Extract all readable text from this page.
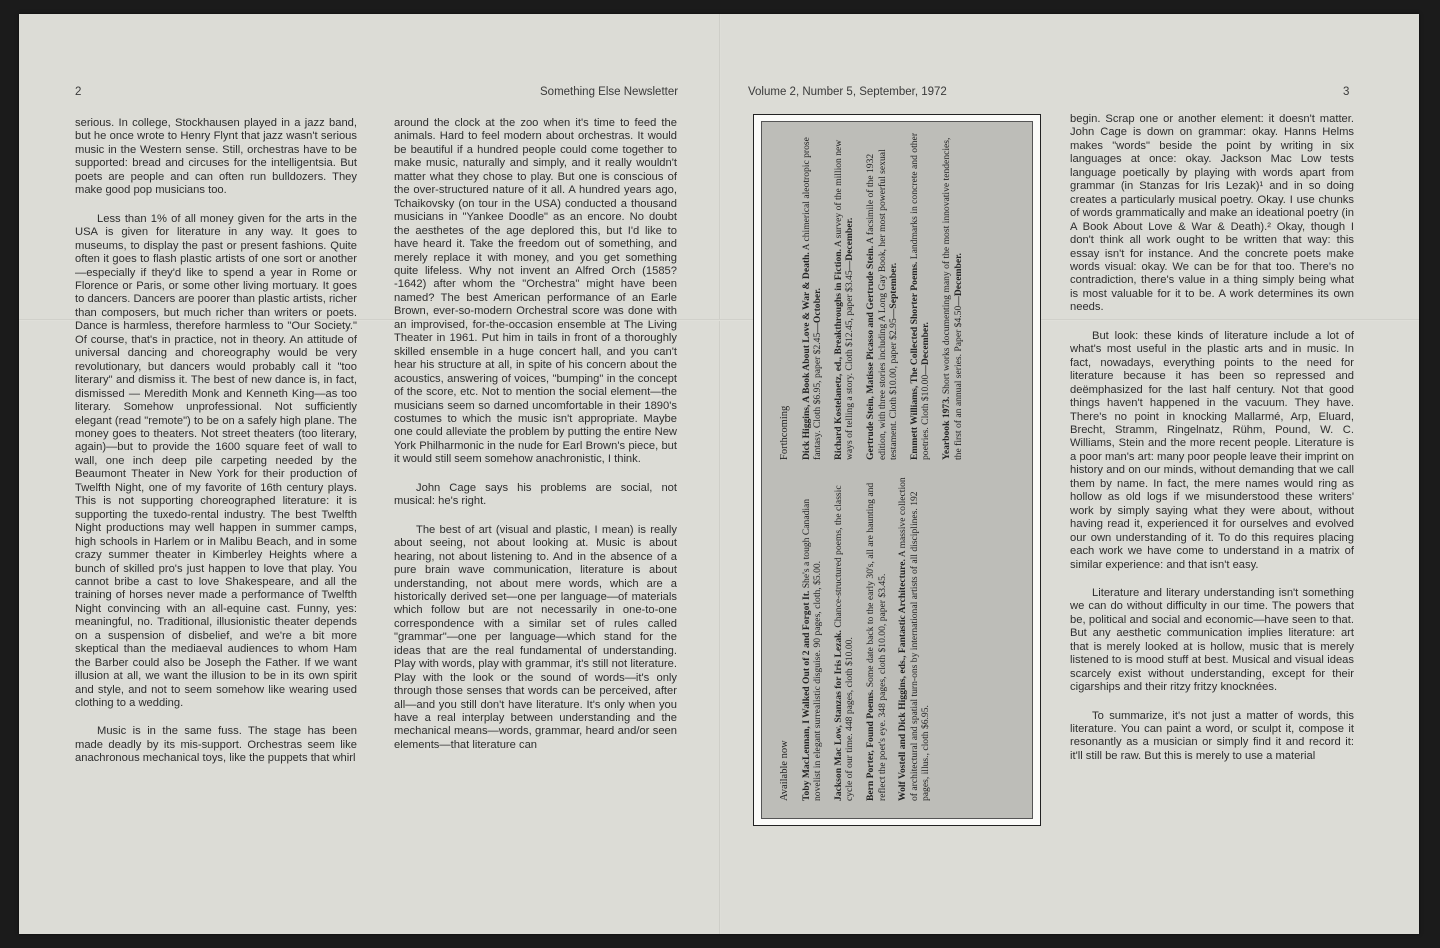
2	Something Else Newsletter	Volume 2, Number 5, September, 1972	3

serious. In college, Stockhausen played in a jazz band, but he once wrote to Henry Flynt that jazz wasn't serious music in the Western sense. Still, orchestras have to be supported: bread and circuses for the intelligentsia. But poets are people and can often run bulldozers. They make good pop musicians too.

Less than 1% of all money given for the arts in the USA is given for literature in any way. It goes to museums, to display the past or present fashions. Quite often it goes to flash plastic artists of one sort or another—especially if they'd like to spend a year in Rome or Florence or Paris, or some other living mortuary. It goes to dancers. Dancers are poorer than plastic artists, richer than composers, but much richer than writers or poets. Dance is harmless, therefore harmless to "Our Society." Of course, that's in practice, not in theory. An attitude of universal dancing and choreography would be very revolutionary, but dancers would probably call it "too literary" and dismiss it. The best of new dance is, in fact, dismissed — Meredith Monk and Kenneth King—as too literary. Somehow unprofessional. Not sufficiently elegant (read "remote") to be on a safely high plane. The money goes to theaters. Not street theaters (too literary, again)—but to provide the 1600 square feet of wall to wall, one inch deep pile carpeting needed by the Beaumont Theater in New York for their production of Twelfth Night, one of my favorite of 16th century plays. This is not supporting choreographed literature: it is supporting the tuxedo-rental industry. The best Twelfth Night productions may well happen in summer camps, high schools in Harlem or in Malibu Beach, and in some crazy summer theater in Kimberley Heights where a bunch of skilled pro's just happen to love that play. You cannot bribe a cast to love Shakespeare, and all the training of horses never made a performance of Twelfth Night convincing with an all-equine cast. Funny, yes: meaningful, no. Traditional, illusionistic theater depends on a suspension of disbelief, and we're a bit more skeptical than the mediaeval audiences to whom Ham the Barber could also be Joseph the Father. If we want illusion at all, we want the illusion to be in its own spirit and style, and not to seem somehow like wearing used clothing to a wedding.

Music is in the same fuss. The stage has been made deadly by its mis-support. Orchestras seem like anachronous mechanical toys, like the puppets that whirl

around the clock at the zoo when it's time to feed the animals. Hard to feel modern about orchestras. It would be beautiful if a hundred people could come together to make music, naturally and simply, and it really wouldn't matter what they chose to play. But one is conscious of the over-structured nature of it all. A hundred years ago, Tchaikovsky (on tour in the USA) conducted a thousand musicians in "Yankee Doodle" as an encore. No doubt the aesthetes of the age deplored this, but I'd like to have heard it. Take the freedom out of something, and merely replace it with money, and you get something quite lifeless. Why not invent an Alfred Orch (1585?-1642) after whom the "Orchestra" might have been named? The best American performance of an Earle Brown, ever-so-modern Orchestral score was done with an improvised, for-the-occasion ensemble at The Living Theater in 1961. Put him in tails in front of a thoroughly skilled ensemble in a huge concert hall, and you can't hear his structure at all, in spite of his concern about the acoustics, answering of voices, "bumping" in the concept of the score, etc. Not to mention the social element—the musicians seem so darned uncomfortable in their 1890's costumes to which the music isn't appropriate. Maybe one could alleviate the problem by putting the entire New York Philharmonic in the nude for Earl Brown's piece, but it would still seem somehow anachronistic, I think.

John Cage says his problems are social, not musical: he's right.

The best of art (visual and plastic, I mean) is really about seeing, not about looking at. Music is about hearing, not about listening to. And in the absence of a pure brain wave communication, literature is about understanding, not about mere words, which are a historically derived set—one per language—of materials which follow but are not necessarily in one-to-one correspondence with a similar set of rules called "grammar"—one per language—which stand for the ideas that are the real fundamental of understanding. Play with words, play with grammar, it's still not literature. Play with the look or the sound of words—it's only through those senses that words can be perceived, after all—and you still don't have literature. It's only when you have a real interplay between understanding and the mechanical means—words, grammar, heard and/or seen elements—that literature can	Available now Toby MacLennan, I Walked Out of 2 and Forgot It. She's a tough Canadian novelist in elegant surrealistic disguise. 90 pages, cloth, $5.00. Jackson Mac Low, Stanzas for Iris Lezak. Chance-structured poems, the classic cycle of our time. 448 pages, cloth $10.00. Bern Porter, Found Poems. Some date back to the early 30's, all are haunting and reflect the poet's eye. 348 pages, cloth $10.00, paper $3.45. Wolf Vostell and Dick Higgins, eds., Fantastic Architecture. A massive collection of architectural and spatial turn-ons by international artists of all disciplines. 192 pages, illus., cloth $6.95.
Forthcoming Dick Higgins, A Book About Love & War & Death. A chimerical aleotropic prose fantasy. Cloth $6.95, paper $2.45—October. Richard Kostelanetz, ed., Breakthroughs in Fiction. A survey of the million new ways of telling a story. Cloth $12.45, paper $3.45—December.
Gertrude Stein, Matisse Picasso and Gertrude Stein. A facsimile of the 1932 edition, with three stories including A Long Gay Book, her most powerful sexual testament. Cloth $10.00, paper $2.95—September. Emmett Williams, The Collected Shorter Poems. Landmarks in concrete and other poetries. Cloth $10.00—December.
Yearbook 1973. Short works documenting many of the most innovative tendencies, the first of an annual series. Paper $4.50—December.

begin. Scrap one or another element: it doesn't matter. John Cage is down on grammar: okay. Hanns Helms makes "words" beside the point by writing in six languages at once: okay. Jackson Mac Low tests language poetically by playing with words apart from grammar (in Stanzas for Iris Lezak)¹ and in so doing creates a particularly musical poetry. Okay. I use chunks of words grammatically and make an ideational poetry (in A Book About Love & War & Death).² Okay, though I don't think all work ought to be written that way: this essay isn't for instance. And the concrete poets make words visual: okay. We can be for that too. There's no contradiction, there's value in a thing simply being what is most valuable for it to be. A work determines its own needs.

But look: these kinds of literature include a lot of what's most useful in the plastic arts and in music. In fact, nowadays, everything points to the need for literature because it has been so repressed and deëmphasized for the last half century. Not that good things haven't happened in the vacuum. They have. There's no point in knocking Mallarmé, Arp, Eluard, Brecht, Stramm, Ringelnatz, Rühm, Pound, W. C. Williams, Stein and the more recent people. Literature is a poor man's art: many poor people leave their imprint on history and on our minds, without demanding that we call them by name. In fact, the mere names would ring as hollow as old logs if we misunderstood these writers' work by simply saying what they were about, without having read it, experienced it for ourselves and evolved our own understanding of it. To do this requires placing each work we have come to understand in a matrix of similar experience: and that isn't easy.

Literature and literary understanding isn't something we can do without difficulty in our time. The powers that be, political and social and economic—have seen to that. But any aesthetic communication implies literature: art that is merely looked at is hollow, music that is merely listened to is mood stuff at best. Musical and visual ideas scarcely exist without understanding, except for their cigarships and their ritzy fritzy knocknées.

To summarize, it's not just a matter of words, this literature. You can paint a word, or sculpt it, compose it resonantly as a musician or simply find it and record it: it'll still be raw. But this is merely to use a material
